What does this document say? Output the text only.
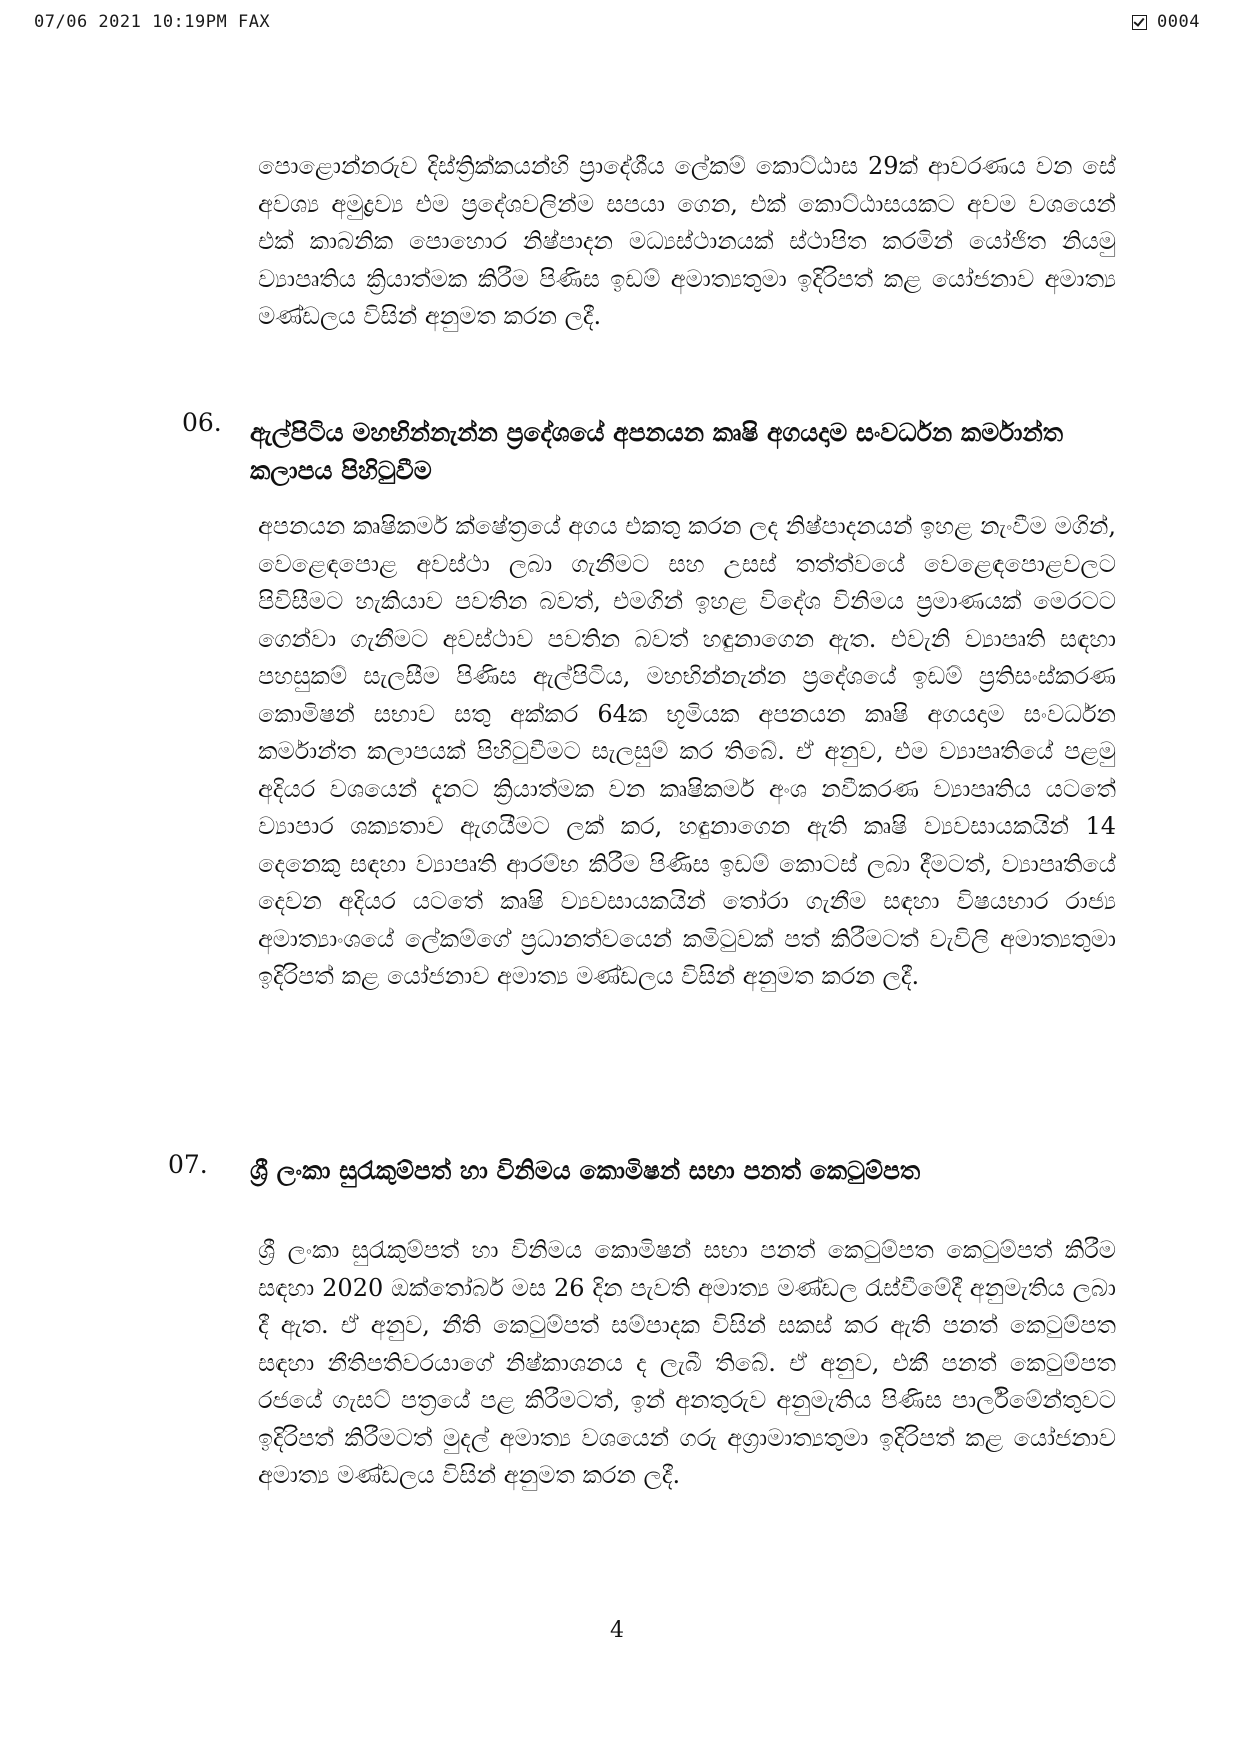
07/06 2021 10:19PM FAX	0004

පොළොන්නරුව දිස්ත්‍රික්කයන්හි ප්‍රාදේශීය ලේකම් කොට්ඨාස 29ක් ආවරණය වන සේ අවශ්‍ය අමුද්‍රව්‍ය එම ප්‍රදේශවලින්ම සපයා ගෙන, එක් කොට්ඨාසයකට අවම වශයෙන් එක් කාබනික පොහොර නිෂ්පාදන මධ්‍යස්ථානයක් ස්ථාපිත කරමින් යෝජිත නියමු ව්‍යාපෘතිය ක්‍රියාත්මක කිරීම පිණිස ඉඩම් අමාත්‍යතුමා ඉදිරිපත් කළ යෝජනාව අමාත්‍ය මණ්ඩලය විසින් අනුමත කරන ලදී.

06. ඇල්පිටිය මහභින්නැන්න ප්‍රදේශයේ අපනයන කෘෂි අගයදාම සංවර්ධන කර්මාන්ත කලාපය පිහිටුවීම

අපනයන කෘෂිකර්ම ක්ෂේත්‍රයේ අගය එකතු කරන ලද නිෂ්පාදනයන් ඉහළ නැංවීම මගින්, වෙළෙඳපොළ අවස්ථා ලබා ගැනීමට සහ උසස් තත්ත්වයේ වෙළෙඳපොළවලට පිවිසීමට හැකියාව පවතින බවත්, එමගින් ඉහළ විදේශ විනිමය ප්‍රමාණයක් මෙරටට ගෙන්වා ගැනීමට අවස්ථාව පවතින බවත් හඳුනාගෙන ඇත. එවැනි ව්‍යාපෘති සඳහා පහසුකම් සැලසීම පිණිස ඇල්පිටිය, මහභින්නැන්න ප්‍රදේශයේ ඉඩම් ප්‍රතිසංස්කරණ කොමිෂන් සභාව සතු අක්කර 64ක භූමියක අපනයන කෘෂි අගයදාම සංවර්ධන කර්මාන්ත කලාපයක් පිහිටුවීමට සැලසුම් කර තිබේ. ඒ අනුව, එම ව්‍යාපෘතියේ පළමු අදියර වශයෙන් දැනට ක්‍රියාත්මක වන කෘෂිකර්ම අංශ නවීකරණ ව්‍යාපෘතිය යටතේ ව්‍යාපාර ශක්‍යතාව ඇගයීමට ලක් කර, හඳුනාගෙන ඇති කෘෂි ව්‍යවසායකයින් 14 දෙනෙකු සඳහා ව්‍යාපෘති ආරම්භ කිරීම පිණිස ඉඩම් කොටස් ලබා දීමටත්, ව්‍යාපෘතියේ දෙවන අදියර යටතේ කෘෂි ව්‍යවසායකයින් තෝරා ගැනීම සඳහා විෂයභාර රාජ්‍ය අමාත්‍යාංශයේ ලේකම්ගේ ප්‍රධානත්වයෙන් කමිටුවක් පත් කිරීමටත් වැවිලි අමාත්‍යතුමා ඉදිරිපත් කළ යෝජනාව අමාත්‍ය මණ්ඩලය විසින් අනුමත කරන ලදී.

07. ශ්‍රී ලංකා සුරැකුම්පත් හා විනිමය කොමිෂන් සභා පනත් කෙටුම්පත

ශ්‍රී ලංකා සුරැකුම්පත් හා විනිමය කොමිෂන් සභා පනත් කෙටුම්පත කෙටුම්පත් කිරීම සඳහා 2020 ඔක්තෝබර් මස 26 දින පැවති අමාත්‍ය මණ්ඩල රැස්වීමේදී අනුමැතිය ලබා දී ඇත. ඒ අනුව, නීති කෙටුම්පත් සම්පාදක විසින් සකස් කර ඇති පනත් කෙටුම්පත සඳහා නීතිපතිවරයාගේ නිෂ්කාශනය ද ලැබී තිබේ. ඒ අනුව, එකී පනත් කෙටුම්පත රජයේ ගැසට් පත්‍රයේ පළ කිරීමටත්, ඉන් අනතුරුව අනුමැතිය පිණිස පාර්ලිමේන්තුවට ඉදිරිපත් කිරීමටත් මුදල් අමාත්‍ය වශයෙන් ගරු අග්‍රාමාත්‍යතුමා ඉදිරිපත් කළ යෝජනාව අමාත්‍ය මණ්ඩලය විසින් අනුමත කරන ලදී.

4
